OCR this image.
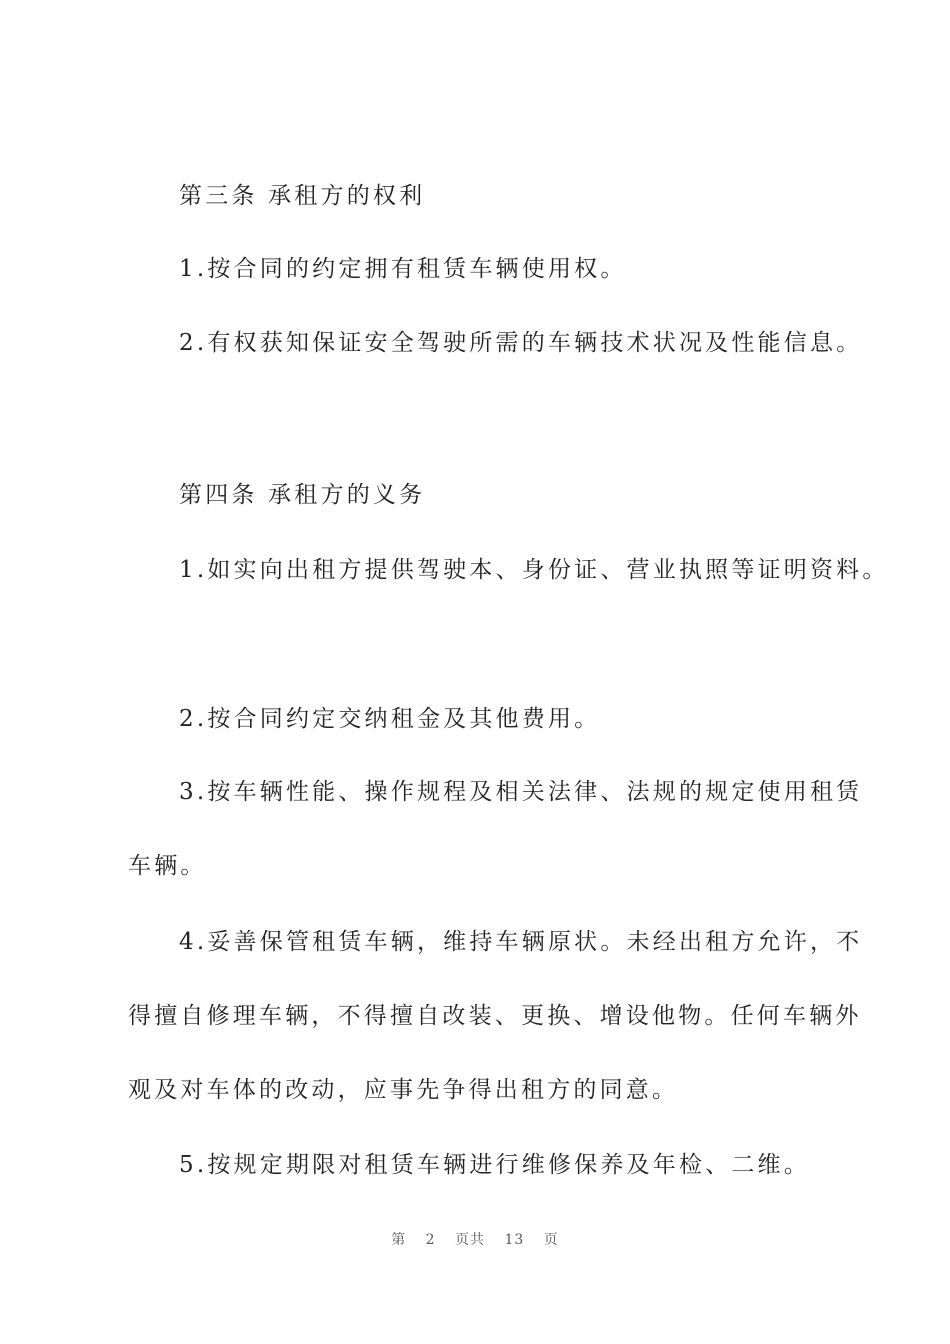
第三条 承租方的权利
1.按合同的约定拥有租赁车辆使用权。
2.有权获知保证安全驾驶所需的车辆技术状况及性能信息。
第四条 承租方的义务
1.如实向出租方提供驾驶本、身份证、营业执照等证明资料。
2.按合同约定交纳租金及其他费用。
3.按车辆性能、操作规程及相关法律、法规的规定使用租赁
车辆。
4.妥善保管租赁车辆，维持车辆原状。未经出租方允许，不
得擅自修理车辆，不得擅自改装、更换、增设他物。任何车辆外
观及对车体的改动，应事先争得出租方的同意。
5.按规定期限对租赁车辆进行维修保养及年检、二维。
第 2 页共 13 页
